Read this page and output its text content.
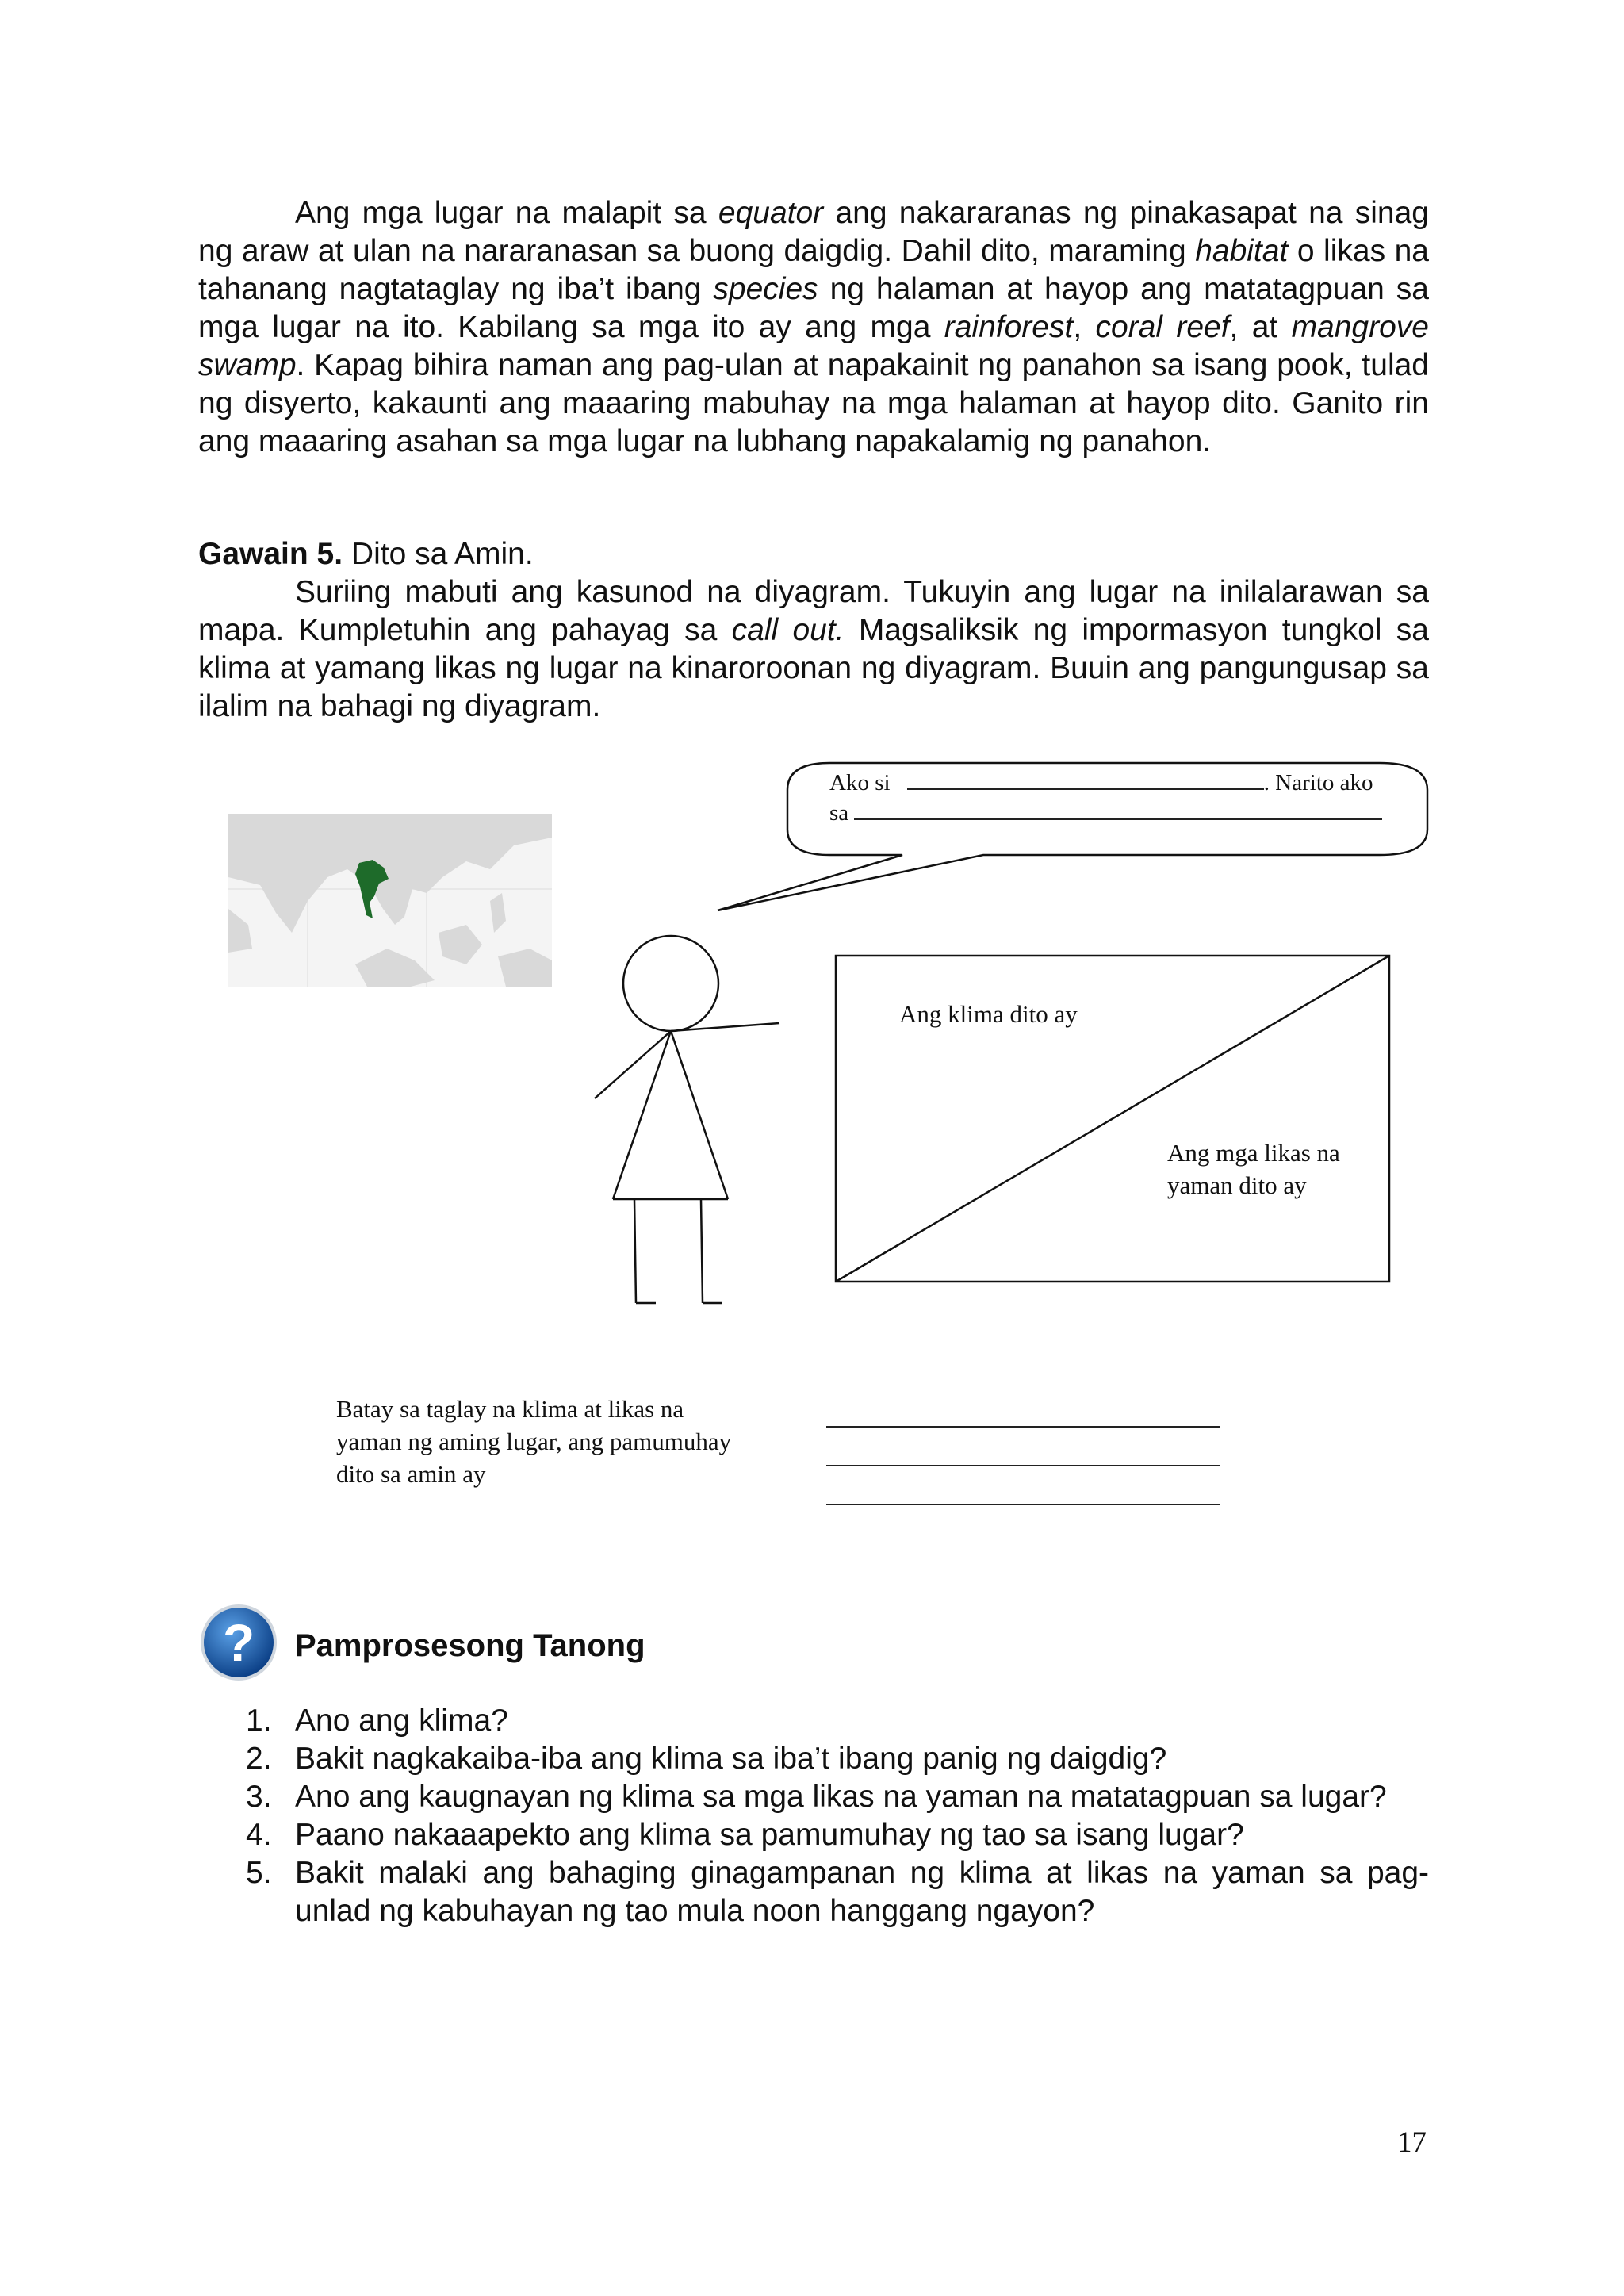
Ang mga lugar na malapit sa equator ang nakararanas ng pinakasapat na sinag ng araw at ulan na nararanasan sa buong daigdig. Dahil dito, maraming habitat o likas na tahanang nagtataglay ng iba’t ibang species ng halaman at hayop ang matatagpuan sa mga lugar na ito. Kabilang sa mga ito ay ang mga rainforest, coral reef, at mangrove swamp. Kapag bihira naman ang pag-ulan at napakainit ng panahon sa isang pook, tulad ng disyerto, kakaunti ang maaaring mabuhay na mga halaman at hayop dito. Ganito rin ang maaaring asahan sa mga lugar na lubhang napakalamig ng panahon.

Gawain 5. Dito sa Amin.

Suriing mabuti ang kasunod na diyagram. Tukuyin ang lugar na inilalarawan sa mapa. Kumpletuhin ang pahayag sa call out. Magsaliksik ng impormasyon tungkol sa klima at yamang likas ng lugar na kinaroroonan ng diyagram. Buuin ang pangungusap sa ilalim na bahagi ng diyagram.

Ako si	. Narito ako
sa
Ang klima dito ay
Ang mga likas na yaman dito ay
Batay sa taglay na klima at likas na yaman ng aming lugar, ang pamumuhay dito sa amin ay
? Pamprosesong Tanong
1. Ano ang klima?
2. Bakit nagkakaiba-iba ang klima sa iba’t ibang panig ng daigdig?
3. Ano ang kaugnayan ng klima sa mga likas na yaman na matatagpuan sa lugar?
4. Paano nakaaapekto ang klima sa pamumuhay ng tao sa isang lugar?
5. Bakit malaki ang bahaging ginagampanan ng klima at likas na yaman sa pag-unlad ng kabuhayan ng tao mula noon hanggang ngayon?
17
